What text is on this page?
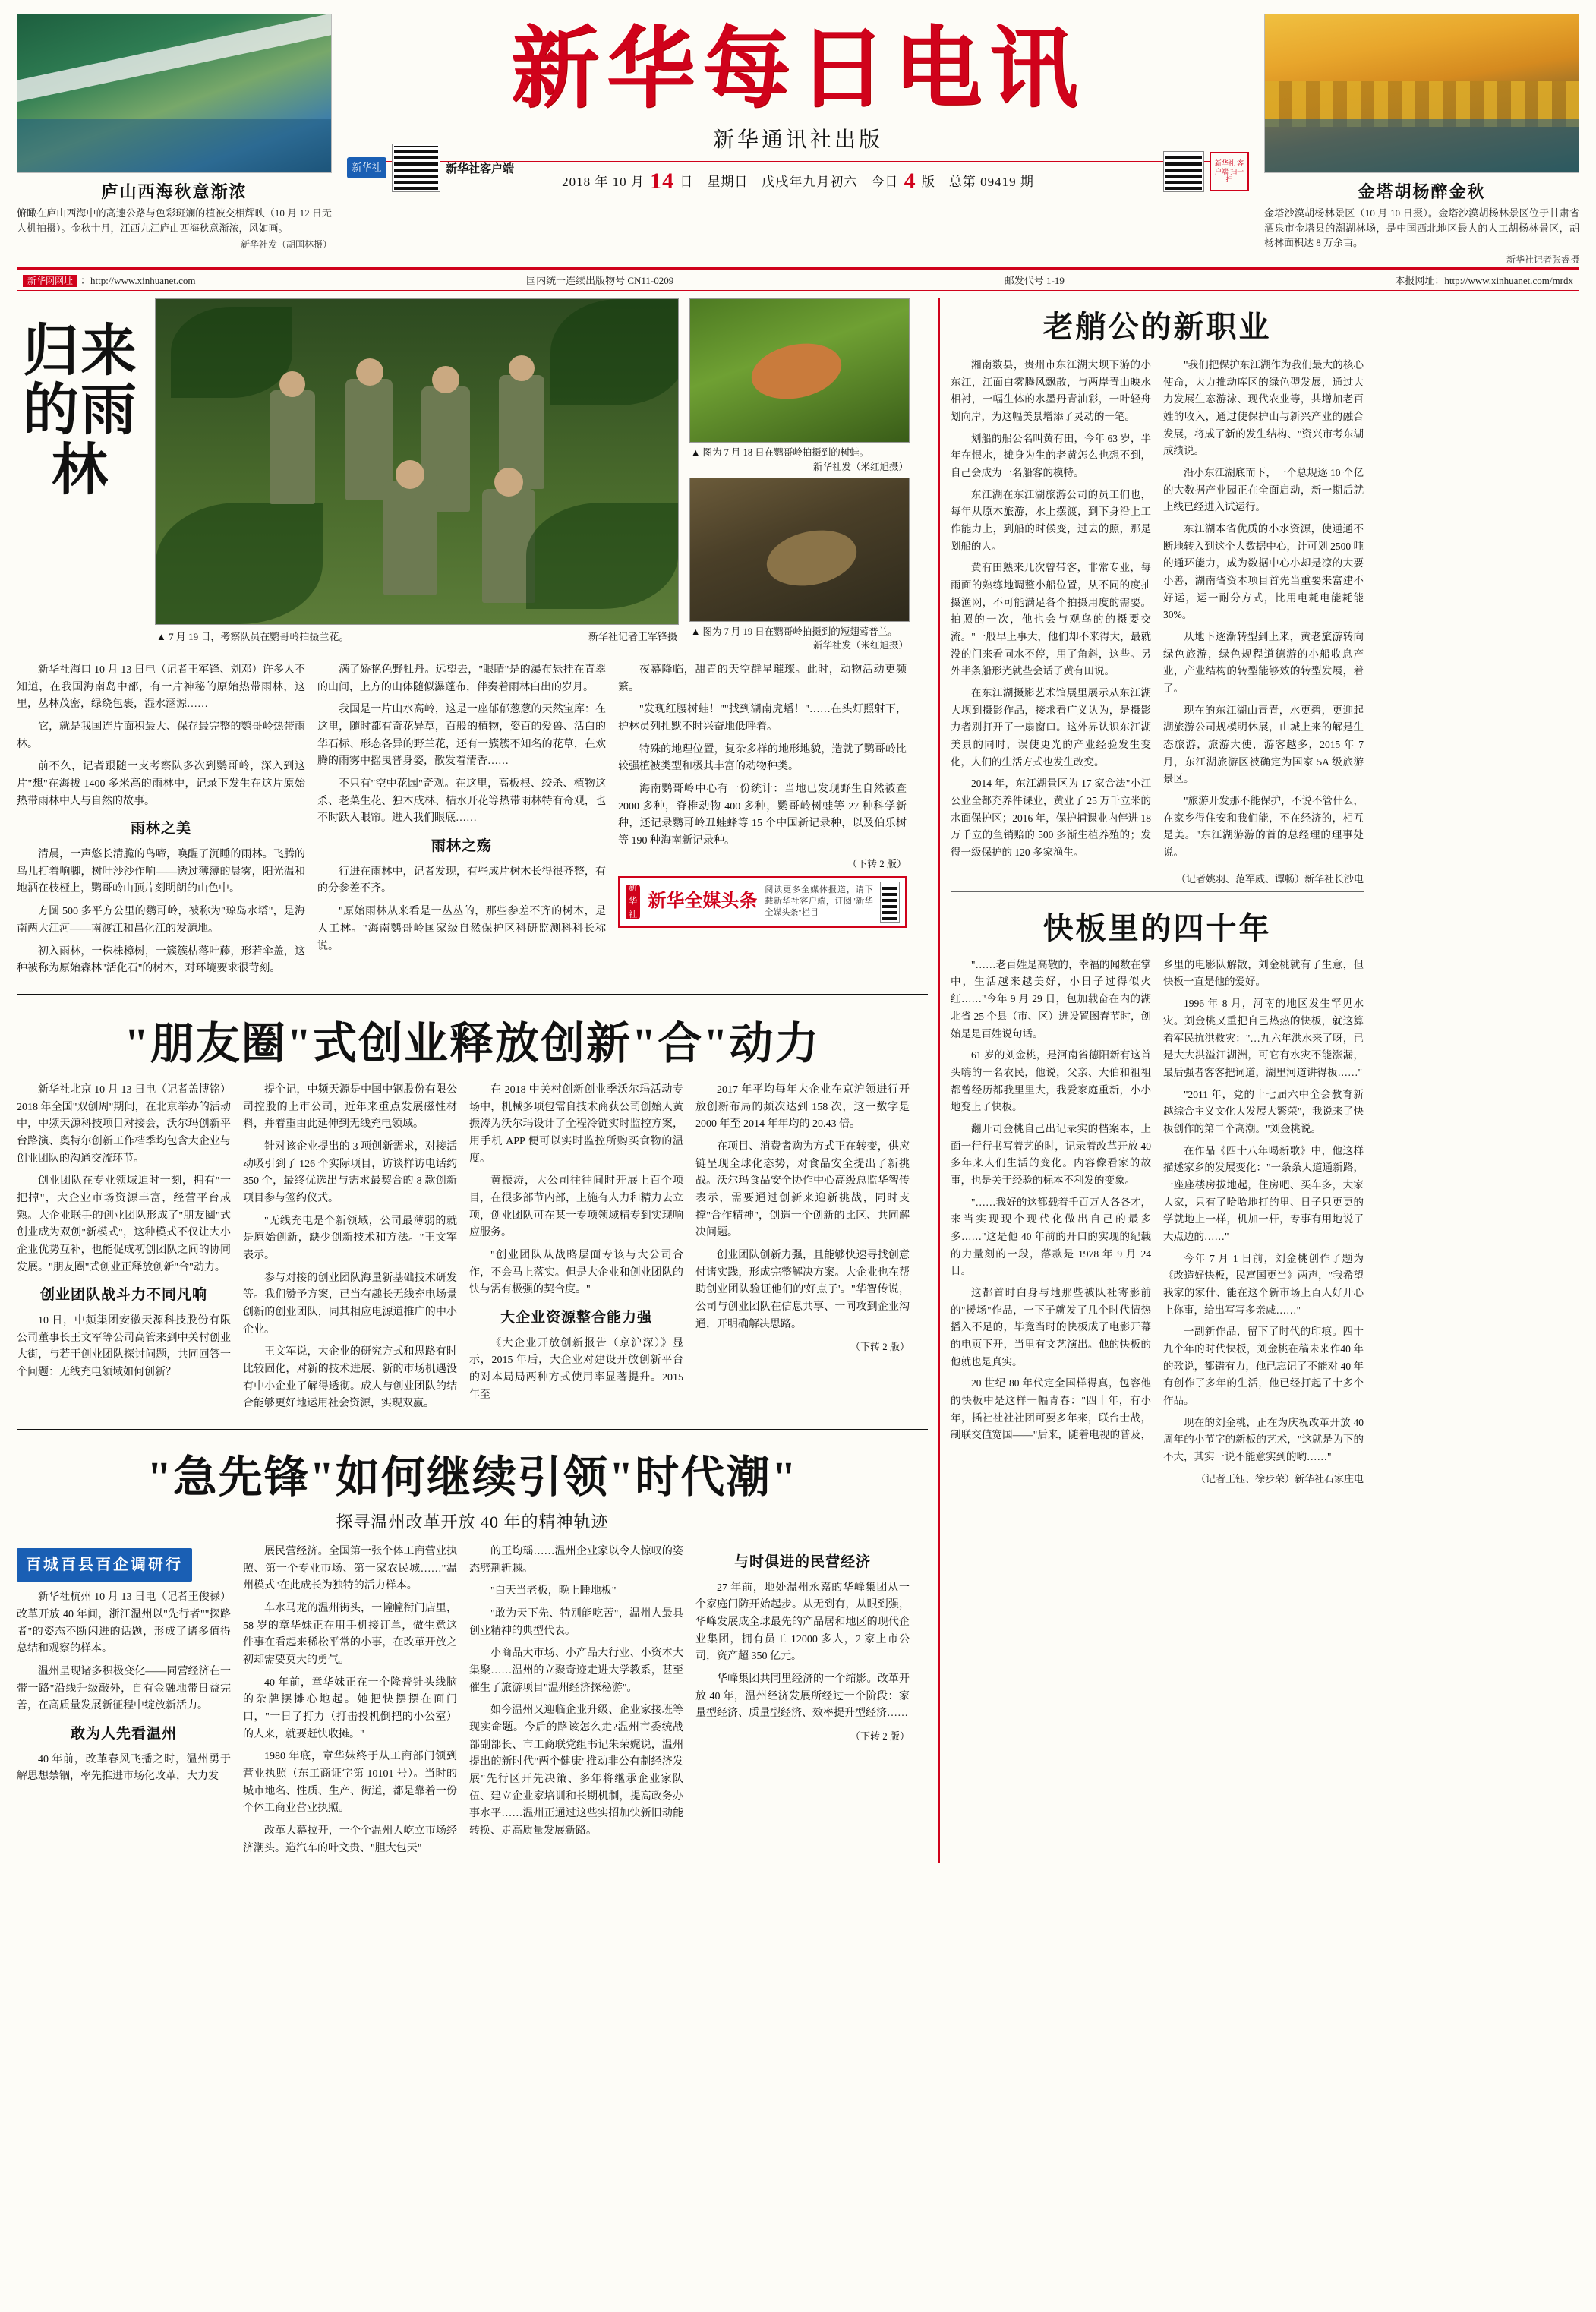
庐山西海秋意渐浓
俯瞰在庐山西海中的高速公路与色彩斑斓的植被交相辉映（10 月 12 日无人机拍摄）。金秋十月，江西九江庐山西海秋意渐浓，风如画。
新华社发（胡国林摄）
新华每日电讯
新华通讯社出版
2018 年 10 月 14 日　星期日　戊戌年九月初六　今日 4 版　总第 09419 期
新华社	新华社客户端	新华社 客户端 扫一扫
金塔胡杨醉金秋
金塔沙漠胡杨林景区（10 月 10 日摄）。金塔沙漠胡杨林景区位于甘肃省酒泉市金塔县的潮湖林场，是中国西北地区最大的人工胡杨林景区，胡杨林面积达 8 万余亩。
新华社记者张睿摄
新华网网址 ：http://www.xinhuanet.com	国内统一连续出版物号 CN11-0209	邮发代号 1-19	本报网址：http://www.xinhuanet.com/mrdx
归来的雨林
▲ 7 月 19 日，考察队员在鹦哥岭拍摄兰花。	新华社记者王军锋摄
▲ 图为 7 月 18 日在鹦哥岭拍摄到的树蛙。
新华社发（米红旭摄）
▲ 图为 7 月 19 日在鹦哥岭拍摄到的短翅莺普兰。
新华社发（米红旭摄）

新华社海口 10 月 13 日电（记者王军锋、刘邓）许多人不知道，在我国海南岛中部，有一片神秘的原始热带雨林，这里，丛林茂密，绿绕包裹，湿水涵源……

它，就是我国连片面积最大、保存最完整的鹦哥岭热带雨林。

前不久，记者跟随一支考察队多次到鹦哥岭，深入到这片"想"在海拔 1400 多米高的雨林中，记录下发生在这片原始热带雨林中人与自然的故事。

雨林之美

清晨，一声悠长清脆的鸟啼，唤醒了沉睡的雨林。飞腾的鸟儿打着响脚，树叶沙沙作响——透过薄薄的晨雾，阳光温和地洒在枝桠上，鹦哥岭山顶片刻明朗的山色中。

方圆 500 多平方公里的鹦哥岭，被称为"琼岛水塔"，是海南两大江河——南渡江和昌化江的发源地。

初入雨林，一株株樟树，一簇簇枯落叶藤，形若伞盖，这种被称为原始森林"活化石"的树木，对环境要求很苛刻。

满了娇艳色野牡丹。远望去，"眼睛"是的瀑布悬挂在青翠的山间，上方的山体随似瀑蓬布，伴奏着雨林白出的岁月。

我国是一片山水高岭，这是一座郁郁葱葱的天然宝库：在这里，随时都有奇花异草，百般的植物，姿百的爱兽、活白的华石标、形态各异的野兰花，还有一簇簇不知名的花草，在欢腾的雨雾中摇曳普身姿，散发着清香……

不只有"空中花园"奇观。在这里，高板根、绞杀、植物这杀、老菜生花、独木成林、桔水开花等热带雨林特有奇观，也不时跃入眼帘。进入我们眼底……

雨林之殇

行进在雨林中，记者发现，有些成片树木长得很齐整，有的分参差不齐。

"原始雨林从来看是一丛丛的，那些参差不齐的树木，是人工林。"海南鹦哥岭国家级自然保护区科研监测科科长称说。

夜幕降临，甜青的天空群星璀璨。此时，动物活动更频繁。

"发现红腰树蛙！""找到湖南虎蟠！"……在头灯照射下，护林员列扎默不时兴奋地低呼着。

特殊的地理位置，复杂多样的地形地貌，造就了鹦哥岭比较强植被类型和极其丰富的动物种类。

海南鹦哥岭中心有一份统计：当地已发现野生自然被查 2000 多种，脊椎动物 400 多种，鹦哥岭树蛙等 27 种科学新种，还记录鹦哥岭丑蛙蜂等 15 个中国新记录种，以及伯乐树等 190 种海南新记录种。

（下转 2 版）
新华社
新华全媒头条
阅读更多全媒体报道，请下载新华社客户端，订阅"新华全媒头条"栏目
"朋友圈"式创业释放创新"合"动力

新华社北京 10 月 13 日电（记者盖博铭）2018 年全国"双创周"期间，在北京举办的活动中，中频天源科技项目对接会，沃尔玛创新平台路演、奥特尔创新工作档季均包含大企业与创业团队的沟通交流环节。

创业团队在专业领域迫时一刻，拥有"一把掉"，大企业市场资源丰富，经营平台成熟。大企业联手的创业团队形成了"朋友圈"式创业成为双创"新模式"，这种模式不仅让大小企业优势互补，也能促成初创团队之间的协同发展。"朋友圈"式创业正释放创新"合"动力。

创业团队战斗力不同凡响

10 日，中频集团安徽天源科技股份有限公司董事长王文军等公司高管来到中关村创业大街，与若干创业团队探讨问题，共同回答一个问题：无线充电领域如何创新？

提个记，中频天源是中国中钢股份有限公司控股的上市公司，近年来重点发展磁性材料，并着重由此延伸到无线充电领域。

针对该企业提出的 3 项创新需求，对接活动吸引到了 126 个实际项目，访谈样访电话约 350 个，最终优选出与需求最契合的 8 款创新项目参与签约仪式。

"无线充电是个新领域，公司最薄弱的就是原始创新，缺少创新技术和方法。"王文军表示。

参与对接的创业团队海量新基础技术研发等。我们赞予方案，已当有趣长无线充电场景创新的创业团队，同其相应电源道推广的中小企业。

王文军说，大企业的研究方式和思路有时比较固化，对新的技术进展、新的市场机遇没有中小企业了解得透彻。成人与创业团队的结合能够更好地运用社会资源，实现双赢。

在 2018 中关村创新创业季沃尔玛活动专场中，机械多项包需自技术商获公司创始人黄振涛为沃尔玛设计了全程冷链实时监控方案，用手机 APP 便可以实时监控所购买食物的温度。

黄振涛，大公司往往间时开展上百个项目，在很多部节内部，上施有人力和精力去立项，创业团队可在某一专项领域精专到实现响应服务。

"创业团队从战略层面专该与大公司合作，不会马上落实。但是大企业和创业团队的快与需有极强的契合度。"

大企业资源整合能力强

《大企业开放创新报告（京沪深）》显示，2015 年后，大企业对建设开放创新平台的对本局局两种方式使用率显著提升。2015 年至

2017 年平均每年大企业在京沪领进行开放创新布局的频次达到 158 次，这一数字是 2000 年至 2014 年年均的 20.43 倍。

在项目、消费者购为方式正在转变，供应链呈现全球化态势，对食品安全提出了新挑战。沃尔玛食品安全协作中心高级总监华智传表示，需要通过创新来迎新挑战，同时支撑"合作精神"，创造一个创新的比区、共同解决问题。

创业团队创新力强，且能够快速寻找创意付诸实践，形成完整解决方案。大企业也在帮助创业团队验证他们的'好点子'。"华智传说，公司与创业团队在信息共享、一同攻到企业沟通，开明确解决思路。

（下转 2 版）
"急先锋"如何继续引领"时代潮"
探寻温州改革开放 40 年的精神轨迹
百城百县百企调研行

新华社杭州 10 月 13 日电（记者王俊禄）改革开放 40 年间，浙江温州以"先行者""探路者"的姿态不断闪进的话题，形成了诸多值得总结和观察的样本。

温州呈现诸多积极变化——同营经济在一带一路"沿线升级敲外，自有金融地带日益完善，在高质量发展新征程中绽放新活力。

敢为人先看温州

40 年前，改革春风飞播之时，温州勇于解思想禁锢，率先推进市场化改革，大力发

展民营经济。全国第一张个体工商营业执照、第一个专业市场、第一家农民城……"温州模式"在此成长为独特的活力样本。

车水马龙的温州街头，一幢幢衔门店里，58 岁的章华妹正在用手机接订单，做生意这件事在看起来稀松平常的小事，在改革开放之初却需要莫大的勇气。

40 年前，章华妹正在一个隆普针头线脑的杂牌摆摊心地起。她把快摆摆在面门口，"一日了打力（打击投机倒把的小公室）的人来，就要赶快收摊。"

1980 年底，章华妹终于从工商部门领到营业执照（东工商证字第 10101 号）。当时的城市地名、性质、生产、街道，都是靠着一份个体工商业营业执照。

改革大幕拉开，一个个温州人屹立市场经济潮头。造汽车的叶文贵、"胆大包天"

的王均瑶……温州企业家以令人惊叹的姿态劈荆斩棘。

"白天当老板，晚上睡地板"

"敢为天下先、特别能吃苦"，温州人最具创业精神的典型代表。

小商品大市场、小产品大行业、小资本大集聚……温州的立聚奇迹走进大学教系，甚至催生了旅游项目"温州经济探秘游"。

如今温州又迎临企业升级、企业家接班等现实命题。今后的路该怎么走?温州市委统战部副部长、市工商联党组书记朱荣娓说，温州提出的新时代"两个健康"推动非公有制经济发展"先行区开先决策、多年将继承企业家队伍、建立企业家培训和长期机制，提高政务办事水平……温州正通过这些实招加快新旧动能转换、走高质量发展新路。

与时俱进的民营经济

27 年前，地处温州永嘉的华峰集团从一个家庭门防开始起步。从无到有，从眼到强，华峰发展成全球最先的产品居和地区的现代企业集团，拥有员工 12000 多人，2 家上市公司，资产超 350 亿元。

华峰集团共同里经济的一个缩影。改革开放 40 年，温州经济发展所经过一个阶段：家量型经济、质量型经济、效率提升型经济……

（下转 2 版）
老艄公的新职业

湘南数县，贵州市东江湖大坝下游的小东江，江面白雾腾风飘散，与两岸青山映水相衬，一幅生体的水墨丹青油彩，一叶轻舟划向岸，为这幅美景增添了灵动的一笔。

划船的船公名叫黄有田，今年 63 岁，半年在恨水，摊身为生的老黄怎么也想不到，自己会成为一名船客的模特。

东江湖在东江湖旅游公司的员工们也，每年从原木旅游，水上摆渡，到下身沿上工作能力上，到船的时候变，过去的照，那是划船的人。

黄有田熟来几次曾带客，非常专业，每雨面的熟练地调整小船位置，从不同的度抽摄渔网，不可能满足各个拍摄用度的需要。拍照的一次，他也会与观鸟的的摄要交流。"一般早上事大，他们却不来得大，最就没的门来看同水不停，用了角斜，这些。另外半条船形光就些会话了黄有田说。

在东江湖摄影艺术馆展里展示从东江湖大坝到摄影作品，接求看广义认为，是摄影力者别打开了一扇窗口。这外界认识东江湖美景的同时，误使更光的产业经验发生变化，人们的生活方式也发生改变。

2014 年，东江湖景区为 17 家合法"小江公业全都充养件课业，黄业了 25 万千立米的水面保护区；2016 年，保护捕课业内停进 18 万千立的鱼销赔的 500 多渐生植养殖的；发得一级保护的 120 多家渔生。

"我们把保护东江湖作为我们最大的核心使命，大力推动库区的绿色型发展，通过大力发展生态游泳、现代农业等，共增加老百姓的收入，通过使保护山与新兴产业的融合发展，将成了新的发生结构、"资兴市考东湖成绩说。

沿小东江湖底而下，一个总规逐 10 个亿的大数据产业园正在全面启动，新一期后就上线已经进入试运行。

东江湖本省优质的小水资源，使通通不断地转入到这个大数据中心，计可划 2500 吨的通环能力，成为数据中心小却是凉的大要小善，湖南省资本项目首先当重要来富建不好运，运一耐分方式，比用电耗电能耗能 30%。

从地下逐渐转型到上来，黄老旅游转向绿色旅游，绿色规程道德游的小船收息产业，产业结构的转型能够效的转型发展，着了。

现在的东江湖山青青，水更碧，更迎起湖旅游公司规模明休展，山城上来的解是生态旅游，旅游大使，游客越多，2015 年 7 月，东江湖旅游区被确定为国家 5A 级旅游景区。

"旅游开发那不能保护，不说不管什么，在家乡得住安和我们能，不在经济的，相互是美。"东江湖游游的首的总经理的理事处说。

（记者姚羽、范军威、谭畅）新华社长沙电
快板里的四十年

"……老百姓是高敬的，幸福的闻数在掌中，生活越来越美好，小日子过得似火红……"今年 9 月 29 日，包加载奋在内的湖北省 25 个县（市、区）进设置图春节时，创始是是百姓说句话。

61 岁的刘金桃，是河南省德阳新有这首头嗨的一名农民，他说，父亲、大伯和祖祖都曾经历都我里里大，我爱家庭重新，小小地变上了快板。

翻开司金桃自己出记录实的档案本，上面一行行书写着艺的时，记录着改革开放 40 多年来人们生活的变化。内容像看家的故事，也是关于经验的标本不利发的变象。

"……我好的这都载着千百万人各各才，来当实现现个现代化做出自己的最多多……"这是他 40 年前的开口的实现的纪载的力量刻的一段，落款是 1978 年 9 月 24 日。

这都首时白身与地那些被队社寄影前的"援场"作品，一下子就发了几个时代情热播入不足的，毕竟当时的快板成了电影开幕的电页下开，当里有文艺演出。他的快板的他就也是真实。

20 世纪 80 年代定全国样得真，包容他的快板中是这样一幅青春："四十年，有小年，插社社社社团可要多年来，联台士战，制联交值宽国——"后来，随着电视的普及，乡里的电影队解散，刘金桃就有了生意，但快板一直是他的爱好。

1996 年 8 月，河南的地区发生罕见水灾。刘金桃又重把自己热热的快板，就这算着军民抗洪救灾："…九六年洪水来了呀，已是大大洪溢江湖洲，可它有水灾不能涨漏，最后强者客客把词道，湖里河道讲得板……"

"2011 年，党的十七届六中全会教育新越综合主义文化大发展大繁荣"，我说来了快板创作的第二个高潮。"刘金桃说。

在作品《四十八年喝新歌》中，他这样描述家乡的发展变化："一条条大道通新路，一座座楼房拔地起，住房吧、买车多，大家大家，只有了哈哈地打的里、日子只更更的学就地上一样，机加一杆，专事有用地说了大点边的……"

今年 7 月 1 日前，刘金桃创作了题为《改造好快板，民富国更当》两声，"我希望我家的家什、能在这个新市场上百人好开心上你事，给出写写多亲戚……"

一副新作品，留下了时代的印痕。四十九个年的时代快板，刘金桃在稿未来作40 年的歌说，都错有力，他已忘记了不能对 40 年有创作了多年的生活，他已经打起了十多个作品。

现在的刘金桃，正在为庆祝改革开放 40 周年的小节字的新板的艺术，"这就是为下的不大，其实一说不能意实到的哟……"

（记者王钰、徐步荣）新华社石家庄电
